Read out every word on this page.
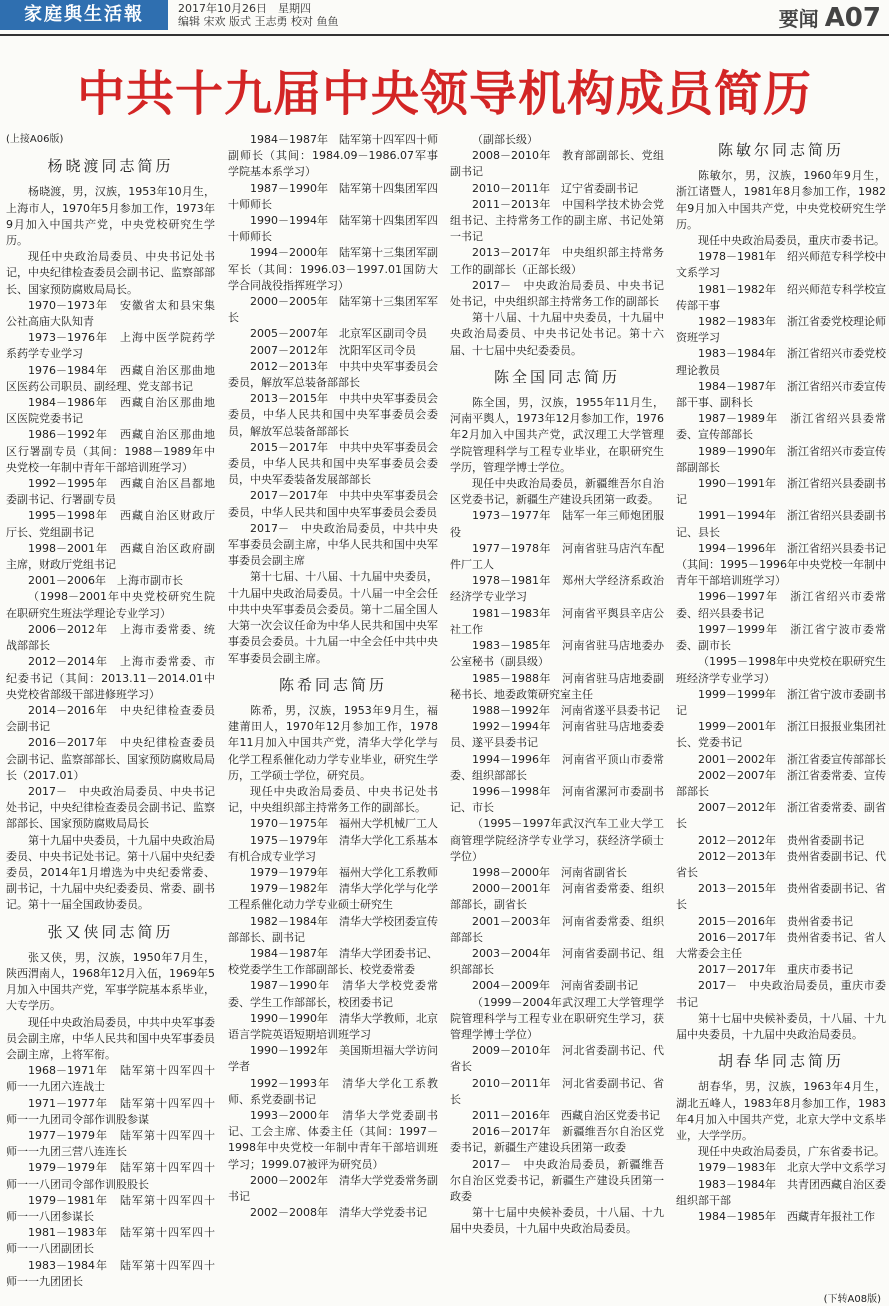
家庭與生活報	2017年10月26日　星期四
编辑 宋欢 版式 王志勇 校对 鱼鱼	要闻 A07
中共十九届中央领导机构成员简历
(上接A06版)
杨晓渡同志简历

杨晓渡，男，汉族，1953年10月生，上海市人，1970年5月参加工作，1973年9月加入中国共产党，中央党校研究生学历。

现任中央政治局委员、中央书记处书记，中央纪律检查委员会副书记、监察部部长、国家预防腐败局局长。

1970－1973年　安徽省太和县宋集公社高庙大队知青

1973－1976年　上海中医学院药学系药学专业学习

1976－1984年　西藏自治区那曲地区医药公司职员、副经理、党支部书记

1984－1986年　西藏自治区那曲地区医院党委书记

1986－1992年　西藏自治区那曲地区行署副专员（其间：1988－1989年中央党校一年制中青年干部培训班学习）

1992－1995年　西藏自治区昌都地委副书记、行署副专员

1995－1998年　西藏自治区财政厅厅长、党组副书记

1998－2001年　西藏自治区政府副主席，财政厅党组书记

2001－2006年　上海市副市长

（1998－2001年中央党校研究生院在职研究生班法学理论专业学习）

2006－2012年　上海市委常委、统战部部长

2012－2014年　上海市委常委、市纪委书记（其间：2013.11－2014.01中央党校省部级干部进修班学习）

2014－2016年　中央纪律检查委员会副书记

2016－2017年　中央纪律检查委员会副书记、监察部部长、国家预防腐败局局长（2017.01）

2017－　中央政治局委员、中央书记处书记，中央纪律检查委员会副书记、监察部部长、国家预防腐败局局长

第十九届中央委员，十九届中央政治局委员、中央书记处书记。第十八届中央纪委委员，2014年1月增选为中央纪委常委、副书记，十九届中央纪委委员、常委、副书记。第十一届全国政协委员。

张又侠同志简历

张又侠，男，汉族，1950年7月生，陕西渭南人，1968年12月入伍，1969年5月加入中国共产党，军事学院基本系毕业，大专学历。

现任中央政治局委员，中共中央军事委员会副主席，中华人民共和国中央军事委员会副主席，上将军衔。

1968－1971年　陆军第十四军四十师一一九团六连战士

1971－1977年　陆军第十四军四十师一一九团司令部作训股参谋

1977－1979年　陆军第十四军四十师一一九团三营八连连长

1979－1979年　陆军第十四军四十师一一八团司令部作训股股长

1979－1981年　陆军第十四军四十师一一八团参谋长

1981－1983年　陆军第十四军四十师一一八团副团长

1983－1984年　陆军第十四军四十师一一九团团长

1984－1987年　陆军第十四军四十师副师长（其间：1984.09－1986.07军事学院基本系学习）

1987－1990年　陆军第十四集团军四十师师长

1990－1994年　陆军第十四集团军四十师师长

1994－2000年　陆军第十三集团军副军长（其间：1996.03－1997.01国防大学合同战役指挥班学习）

2000－2005年　陆军第十三集团军军长

2005－2007年　北京军区副司令员

2007－2012年　沈阳军区司令员

2012－2013年　中共中央军事委员会委员，解放军总装备部部长

2013－2015年　中共中央军事委员会委员，中华人民共和国中央军事委员会委员，解放军总装备部部长

2015－2017年　中共中央军事委员会委员，中华人民共和国中央军事委员会委员，中央军委装备发展部部长

2017－2017年　中共中央军事委员会委员，中华人民共和国中央军事委员会委员

2017－　中央政治局委员，中共中央军事委员会副主席，中华人民共和国中央军事委员会副主席

第十七届、十八届、十九届中央委员，十九届中央政治局委员。十八届一中全会任中共中央军事委员会委员。第十二届全国人大第一次会议任命为中华人民共和国中央军事委员会委员。十九届一中全会任中共中央军事委员会副主席。

陈希同志简历

陈希，男，汉族，1953年9月生，福建莆田人，1970年12月参加工作，1978年11月加入中国共产党，清华大学化学与化学工程系催化动力学专业毕业，研究生学历，工学硕士学位，研究员。

现任中央政治局委员、中央书记处书记，中央组织部主持常务工作的副部长。

1970－1975年　福州大学机械厂工人

1975－1979年　清华大学化工系基本有机合成专业学习

1979－1979年　福州大学化工系教师

1979－1982年　清华大学化学与化学工程系催化动力学专业硕士研究生

1982－1984年　清华大学校团委宣传部部长、副书记

1984－1987年　清华大学团委书记、校党委学生工作部副部长、校党委常委

1987－1990年　清华大学校党委常委、学生工作部部长，校团委书记

1990－1990年　清华大学教师，北京语言学院英语短期培训班学习

1990－1992年　美国斯坦福大学访问学者

1992－1993年　清华大学化工系教师、系党委副书记

1993－2000年　清华大学党委副书记、工会主席、体委主任（其间：1997－1998年中央党校一年制中青年干部培训班学习；1999.07被评为研究员）

2000－2002年　清华大学党委常务副书记

2002－2008年　清华大学党委书记

（副部长级）

2008－2010年　教育部副部长、党组副书记

2010－2011年　辽宁省委副书记

2011－2013年　中国科学技术协会党组书记、主持常务工作的副主席、书记处第一书记

2013－2017年　中央组织部主持常务工作的副部长（正部长级）

2017－　中央政治局委员、中央书记处书记，中央组织部主持常务工作的副部长

第十八届、十九届中央委员，十九届中央政治局委员、中央书记处书记。第十六届、十七届中央纪委委员。

陈全国同志简历

陈全国，男，汉族，1955年11月生，河南平舆人，1973年12月参加工作，1976年2月加入中国共产党，武汉理工大学管理学院管理科学与工程专业毕业，在职研究生学历，管理学博士学位。

现任中央政治局委员，新疆维吾尔自治区党委书记，新疆生产建设兵团第一政委。

1973－1977年　陆军一年三师炮团服役

1977－1978年　河南省驻马店汽车配件厂工人

1978－1981年　郑州大学经济系政治经济学专业学习

1981－1983年　河南省平舆县辛店公社工作

1983－1985年　河南省驻马店地委办公室秘书（副县级）

1985－1988年　河南省驻马店地委副秘书长、地委政策研究室主任

1988－1992年　河南省遂平县委书记

1992－1994年　河南省驻马店地委委员、遂平县委书记

1994－1996年　河南省平顶山市委常委、组织部部长

1996－1998年　河南省漯河市委副书记、市长

（1995－1997年武汉汽车工业大学工商管理学院经济学专业学习，获经济学硕士学位）

1998－2000年　河南省副省长

2000－2001年　河南省委常委、组织部部长，副省长

2001－2003年　河南省委常委、组织部部长

2003－2004年　河南省委副书记、组织部部长

2004－2009年　河南省委副书记

（1999－2004年武汉理工大学管理学院管理科学与工程专业在职研究生学习，获管理学博士学位）

2009－2010年　河北省委副书记、代省长

2010－2011年　河北省委副书记、省长

2011－2016年　西藏自治区党委书记

2016－2017年　新疆维吾尔自治区党委书记，新疆生产建设兵团第一政委

2017－　中央政治局委员，新疆维吾尔自治区党委书记，新疆生产建设兵团第一政委

第十七届中央候补委员，十八届、十九届中央委员，十九届中央政治局委员。

陈敏尔同志简历

陈敏尔，男，汉族，1960年9月生，浙江诸暨人，1981年8月参加工作，1982年9月加入中国共产党，中央党校研究生学历。

现任中央政治局委员，重庆市委书记。

1978－1981年　绍兴师范专科学校中文系学习

1981－1982年　绍兴师范专科学校宣传部干事

1982－1983年　浙江省委党校理论师资班学习

1983－1984年　浙江省绍兴市委党校理论教员

1984－1987年　浙江省绍兴市委宣传部干事、副科长

1987－1989年　浙江省绍兴县委常委、宣传部部长

1989－1990年　浙江省绍兴市委宣传部副部长

1990－1991年　浙江省绍兴县委副书记

1991－1994年　浙江省绍兴县委副书记、县长

1994－1996年　浙江省绍兴县委书记（其间：1995－1996年中央党校一年制中青年干部培训班学习）

1996－1997年　浙江省绍兴市委常委、绍兴县委书记

1997－1999年　浙江省宁波市委常委、副市长

（1995－1998年中央党校在职研究生班经济学专业学习）

1999－1999年　浙江省宁波市委副书记

1999－2001年　浙江日报报业集团社长、党委书记

2001－2002年　浙江省委宣传部部长

2002－2007年　浙江省委常委、宣传部部长

2007－2012年　浙江省委常委、副省长

2012－2012年　贵州省委副书记

2012－2013年　贵州省委副书记、代省长

2013－2015年　贵州省委副书记、省长

2015－2016年　贵州省委书记

2016－2017年　贵州省委书记、省人大常委会主任

2017－2017年　重庆市委书记

2017－　中央政治局委员，重庆市委书记

第十七届中央候补委员，十八届、十九届中央委员，十九届中央政治局委员。

胡春华同志简历

胡春华，男，汉族，1963年4月生，湖北五峰人，1983年8月参加工作，1983年4月加入中国共产党，北京大学中文系毕业，大学学历。

现任中央政治局委员，广东省委书记。

1979－1983年　北京大学中文系学习

1983－1984年　共青团西藏自治区委组织部干部

1984－1985年　西藏青年报社工作

(下转A08版)
